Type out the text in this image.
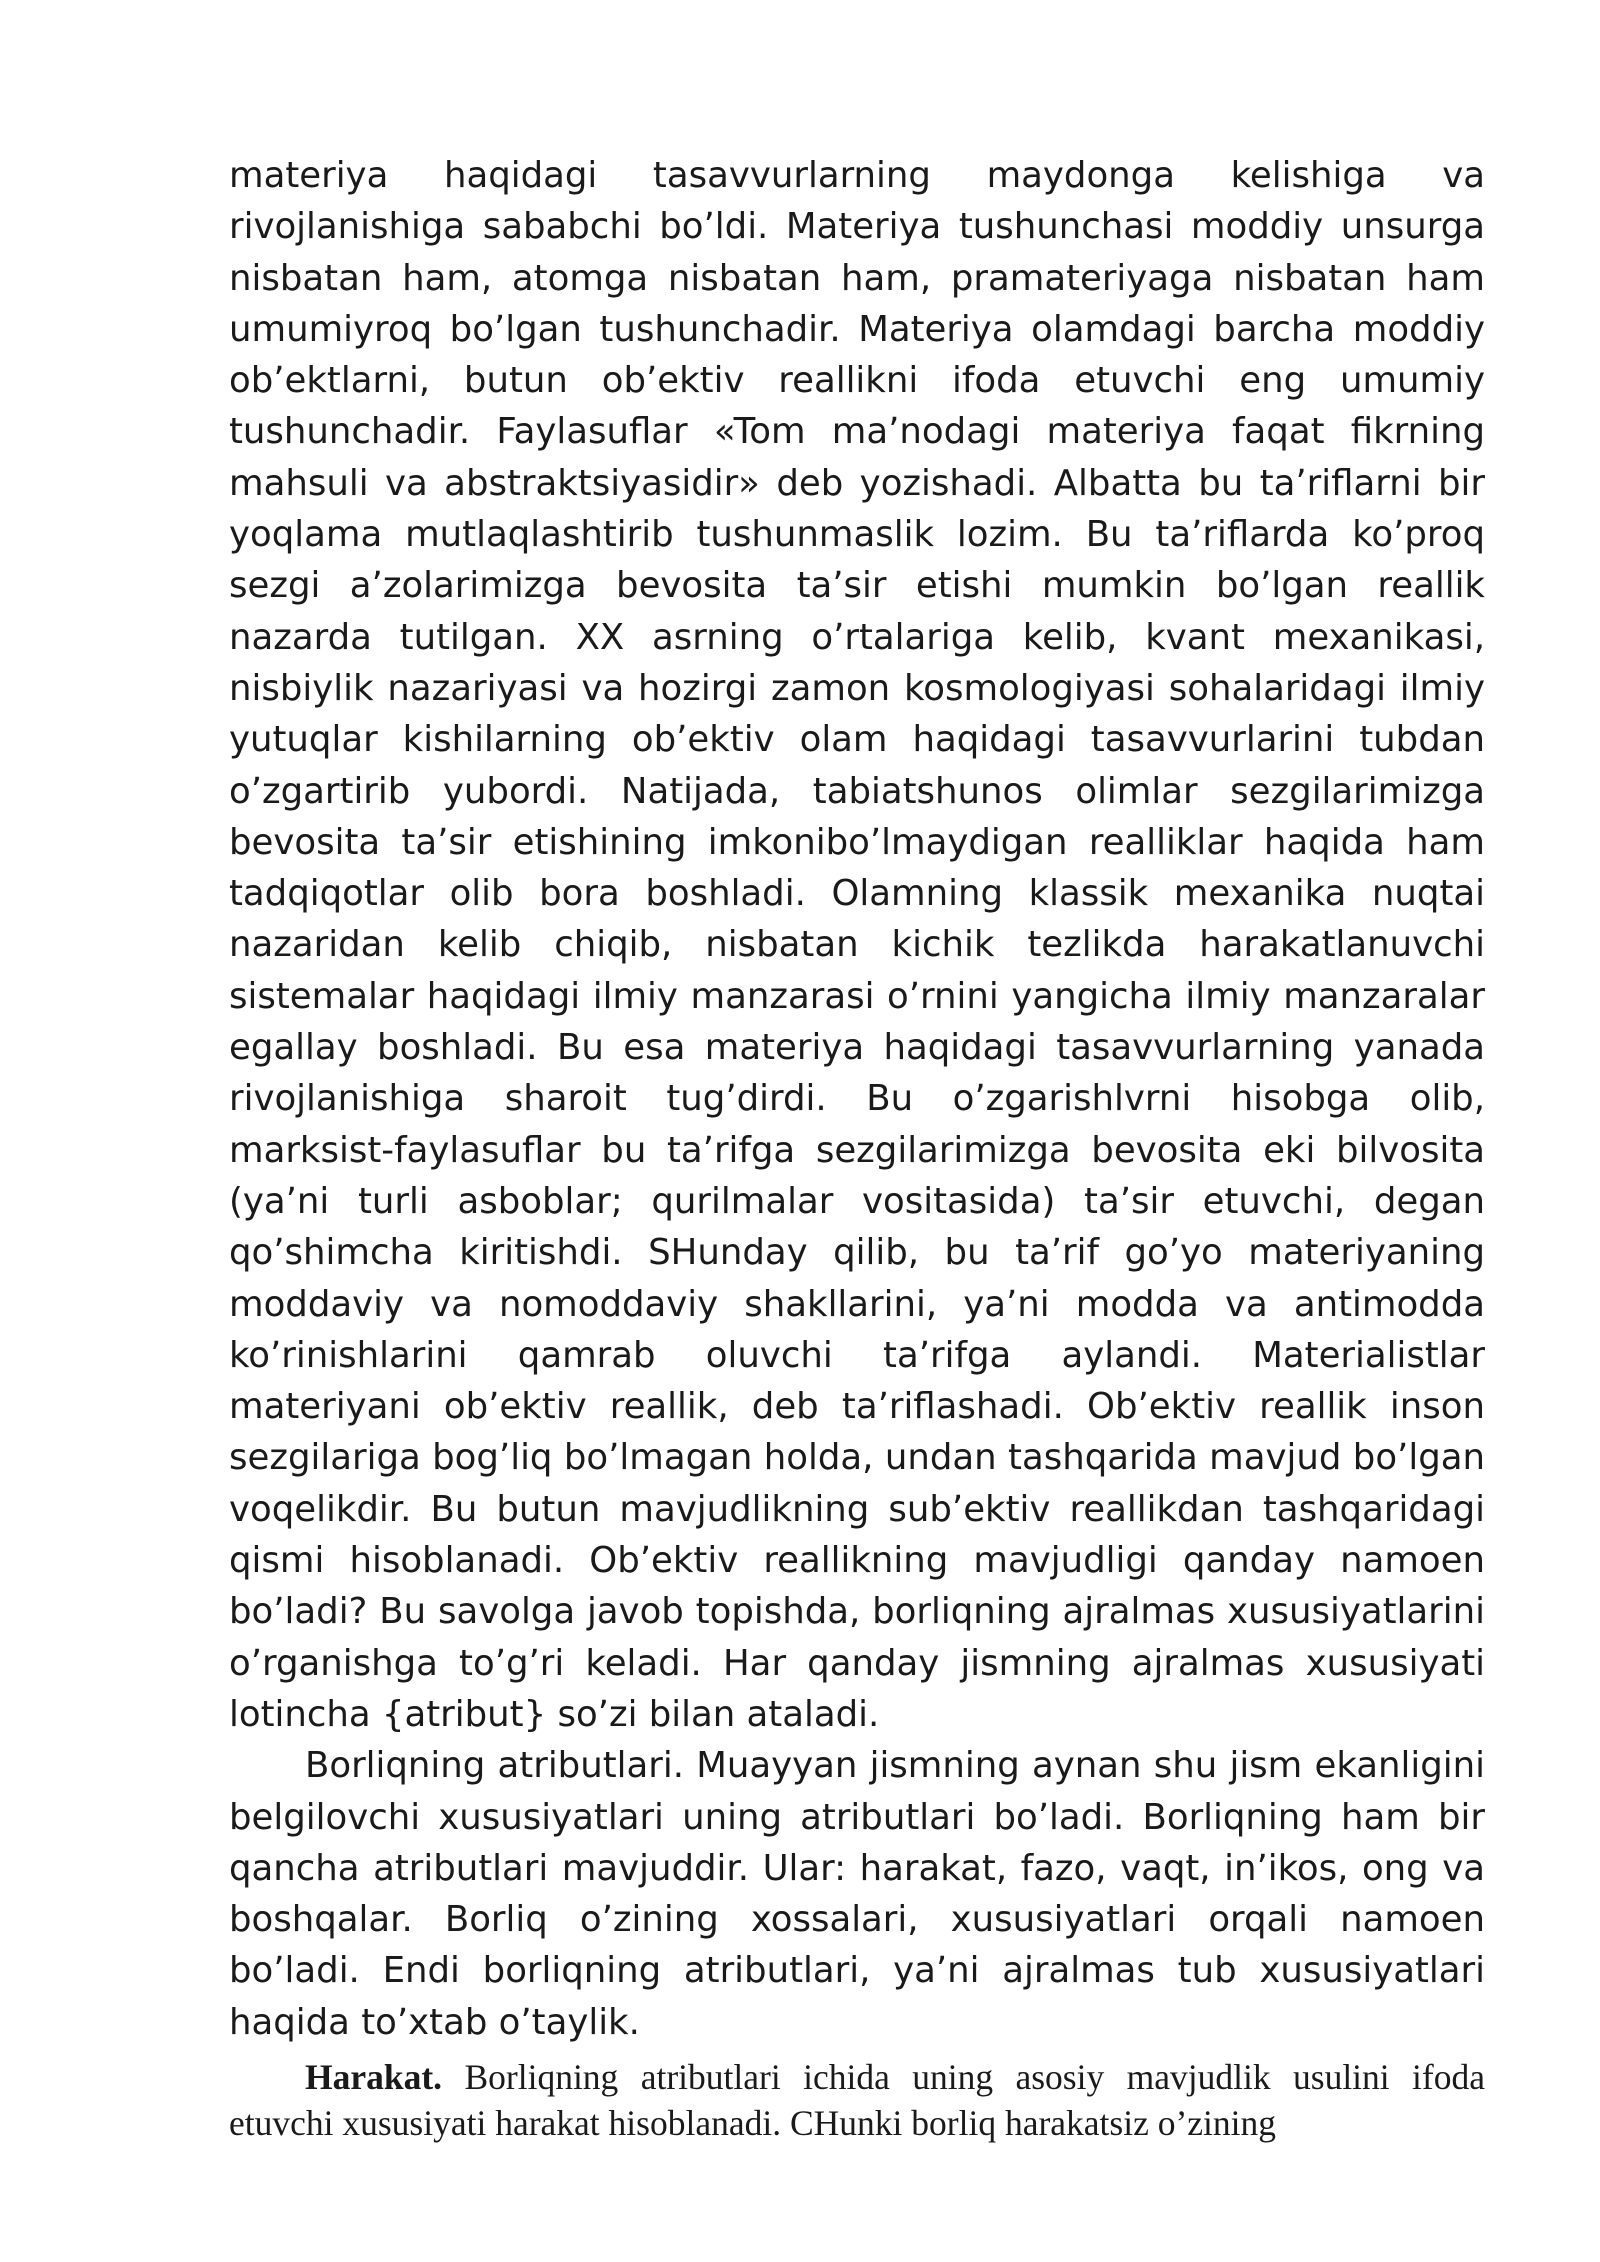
materiya haqidagi tasavvurlarning maydonga kelishiga va rivojlanishiga sababchi bo’ldi. Materiya tushunchasi moddiy unsurga nisbatan ham, atomga nisbatan ham, pramateriyaga nisbatan ham umumiyroq bo’lgan tushunchadir. Materiya olamdagi barcha moddiy ob’ektlarni, butun ob’ektiv reallikni ifoda etuvchi eng umumiy tushunchadir. Faylasuflar «Tom ma’nodagi materiya faqat fikrning mahsuli va abstraktsiyasidir» deb yozishadi. Albatta bu ta’riflarni bir yoqlama mutlaqlashtirib tushunmaslik lozim. Bu ta’riflarda ko’proq sezgi a’zolarimizga bevosita ta’sir etishi mumkin bo’lgan reallik nazarda tutilgan. XX asrning o’rtalariga kelib, kvant mexanikasi, nisbiylik nazariyasi va hozirgi zamon kosmologiyasi sohalaridagi ilmiy yutuqlar kishilarning ob’ektiv olam haqidagi tasavvurlarini tubdan o’zgartirib yubordi. Natijada, tabiatshunos olimlar sezgilarimizga bevosita ta’sir etishining imkonibo’lmaydigan realliklar haqida ham tadqiqotlar olib bora boshladi. Olamning klassik mexanika nuqtai nazaridan kelib chiqib, nisbatan kichik tezlikda harakatlanuvchi sistemalar haqidagi ilmiy manzarasi o’rnini yangicha ilmiy manzaralar egallay boshladi. Bu esa materiya haqidagi tasavvurlarning yanada rivojlanishiga sharoit tug’dirdi. Bu o’zgarishlvrni hisobga olib, marksist-faylasuflar bu ta’rifga sezgilarimizga bevosita eki bilvosita (ya’ni turli asboblar; qurilmalar vositasida) ta’sir etuvchi, degan qo’shimcha kiritishdi. SHunday qilib, bu ta’rif go’yo materiyaning moddaviy va nomoddaviy shakllarini, ya’ni modda va antimodda ko’rinishlarini qamrab oluvchi ta’rifga aylandi. Materialistlar materiyani ob’ektiv reallik, deb ta’riflashadi. Ob’ektiv reallik inson sezgilariga bog’liq bo’lmagan holda, undan tashqarida mavjud bo’lgan voqelikdir. Bu butun mavjudlikning sub’ektiv reallikdan tashqaridagi qismi hisoblanadi. Ob’ektiv reallikning mavjudligi qanday namoen bo’ladi? Bu savolga javob topishda, borliqning ajralmas xususiyatlarini o’rganishga to’g’ri keladi. Har qanday jismning ajralmas xususiyati lotincha {atribut} so’zi bilan ataladi.

Borliqning atributlari. Muayyan jismning aynan shu jism ekanligini belgilovchi xususiyatlari uning atributlari bo’ladi. Borliqning ham bir qancha atributlari mavjuddir. Ular: harakat, fazo, vaqt, in’ikos, ong va boshqalar. Borliq o’zining xossalari, xususiyatlari orqali namoen bo’ladi. Endi borliqning atributlari, ya’ni ajralmas tub xususiyatlari haqida to’xtab o’taylik.

Harakat. Borliqning atributlari ichida uning asosiy mavjudlik usulini ifoda etuvchi xususiyati harakat hisoblanadi. CHunki borliq harakatsiz o’zining
